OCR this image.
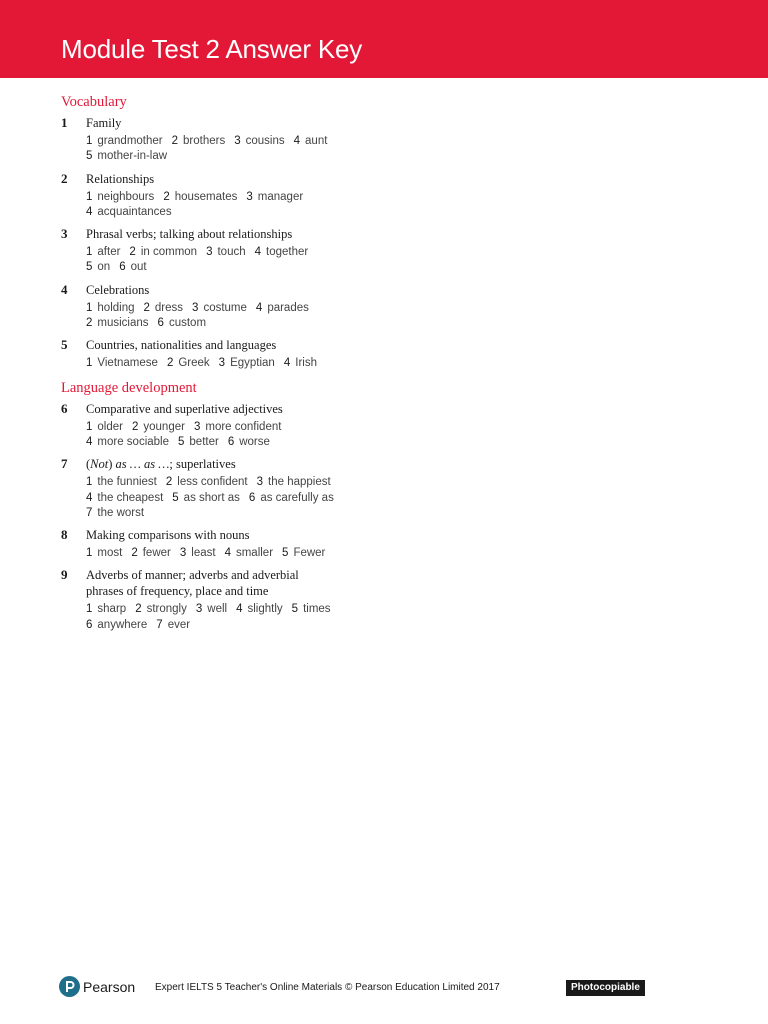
Module Test 2 Answer Key
Vocabulary
1 Family
1 grandmother 2 brothers 3 cousins 4 aunt
5 mother-in-law
2 Relationships
1 neighbours 2 housemates 3 manager
4 acquaintances
3 Phrasal verbs; talking about relationships
1 after 2 in common 3 touch 4 together
5 on 6 out
4 Celebrations
1 holding 2 dress 3 costume 4 parades
2 musicians 6 custom
5 Countries, nationalities and languages
1 Vietnamese 2 Greek 3 Egyptian 4 Irish
Language development
6 Comparative and superlative adjectives
1 older 2 younger 3 more confident
4 more sociable 5 better 6 worse
7 (Not) as … as …; superlatives
1 the funniest 2 less confident 3 the happiest
4 the cheapest 5 as short as 6 as carefully as
7 the worst
8 Making comparisons with nouns
1 most 2 fewer 3 least 4 smaller 5 Fewer
9 Adverbs of manner; adverbs and adverbial
phrases of frequency, place and time
1 sharp 2 strongly 3 well 4 slightly 5 times
6 anywhere 7 ever
Pearson Expert IELTS 5 Teacher's Online Materials © Pearson Education Limited 2017	Photocopiable
